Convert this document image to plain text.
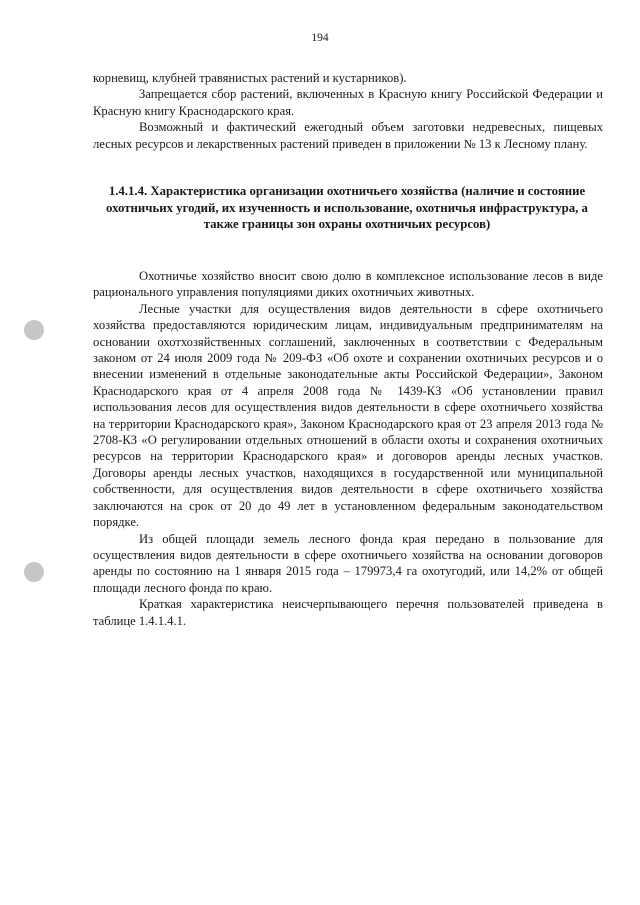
194

корневищ, клубней травянистых растений и кустарников).

Запрещается сбор растений, включенных в Красную книгу Российской Федерации и Красную книгу Краснодарского края.

Возможный и фактический ежегодный объем заготовки недревесных, пищевых лесных ресурсов и лекарственных растений приведен в приложении № 13 к Лесному плану.

1.4.1.4. Характеристика организации охотничьего хозяйства (наличие и состояние охотничьих угодий, их изученность и использование, охотничья инфраструктура, а также границы зон охраны охотничьих ресурсов)

Охотничье хозяйство вносит свою долю в комплексное использование лесов в виде рационального управления популяциями диких охотничьих животных.

Лесные участки для осуществления видов деятельности в сфере охотничьего хозяйства предоставляются юридическим лицам, индивидуальным предпринимателям на основании охотхозяйственных соглашений, заключенных в соответствии с Федеральным законом от 24 июля 2009 года № 209-ФЗ «Об охоте и сохранении охотничьих ресурсов и о внесении изменений в отдельные законодательные акты Российской Федерации», Законом Краснодарского края от 4 апреля 2008 года № 1439-КЗ «Об установлении правил использования лесов для осуществления видов деятельности в сфере охотничьего хозяйства на территории Краснодарского края», Законом Краснодарского края от 23 апреля 2013 года № 2708-КЗ «О регулировании отдельных отношений в области охоты и сохранения охотничьих ресурсов на территории Краснодарского края» и договоров аренды лесных участков. Договоры аренды лесных участков, находящихся в государственной или муниципальной собственности, для осуществления видов деятельности в сфере охотничьего хозяйства заключаются на срок от 20 до 49 лет в установленном федеральным законодательством порядке.

Из общей площади земель лесного фонда края передано в пользование для осуществления видов деятельности в сфере охотничьего хозяйства на основании договоров аренды по состоянию на 1 января 2015 года – 179973,4 га охотугодий, или 14,2% от общей площади лесного фонда по краю.

Краткая характеристика неисчерпывающего перечня пользователей приведена в таблице 1.4.1.4.1.
